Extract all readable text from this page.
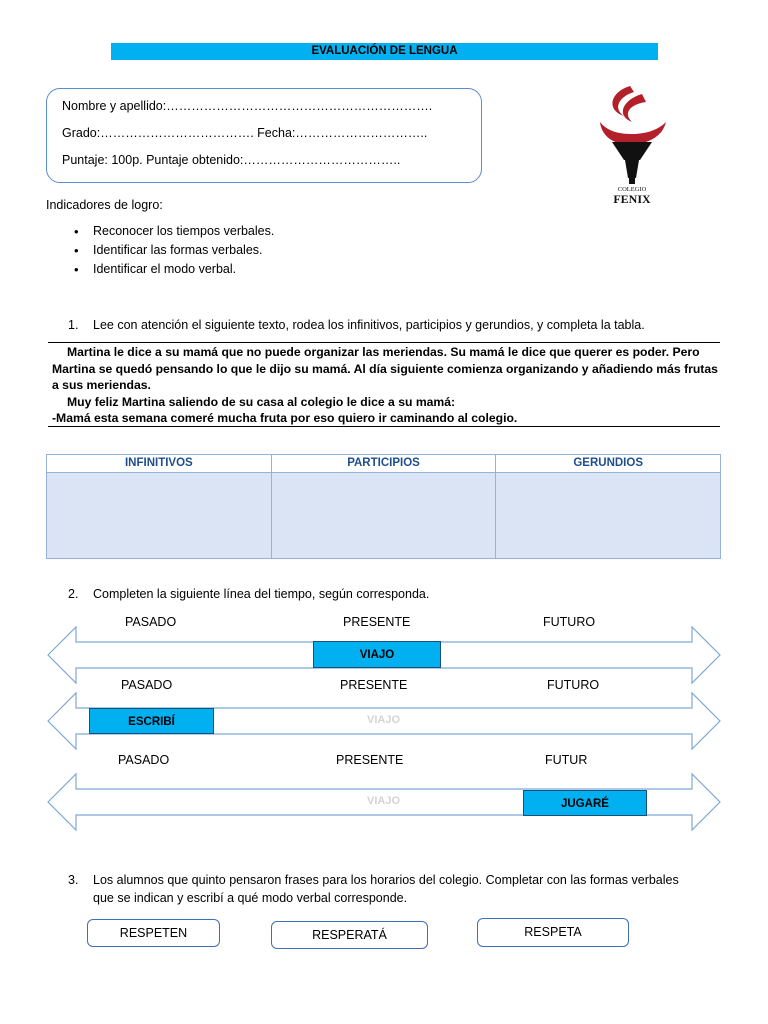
EVALUACIÓN DE LENGUA
Nombre y apellido:……………………………………………………….
Grado:………………………………. Fecha:…………………………..
Puntaje: 100p. Puntaje obtenido:………………………………..
COLEGIO
FENIX
Indicadores de logro:
• Reconocer los tiempos verbales.
• Identificar las formas verbales.
• Identificar el modo verbal.
1. Lee con atención el siguiente texto, rodea los infinitivos, participios y gerundios, y completa la tabla.

Martina le dice a su mamá que no puede organizar las meriendas. Su mamá le dice que querer es poder. Pero Martina se quedó pensando lo que le dijo su mamá. Al día siguiente comienza organizando y añadiendo más frutas a sus meriendas.

Muy feliz Martina saliendo de su casa al colegio le dice a su mamá:

-Mamá esta semana comeré mucha fruta por eso quiero ir caminando al colegio.

INFINITIVOS	PARTICIPIOS	GERUNDIOS
2. Completen la siguiente línea del tiempo, según corresponda.
PASADO	PRESENTE	FUTURO
VIAJO
PASADO	PRESENTE	FUTURO
ESCRIBÍ	VIAJO
PASADO	PRESENTE	FUTUR
VIAJO	JUGARÉ
3. Los alumnos que quinto pensaron frases para los horarios del colegio. Completar con las formas verbales
que se indican y escribí a qué modo verbal corresponde.
RESPETEN	RESPERATÁ	RESPETA
